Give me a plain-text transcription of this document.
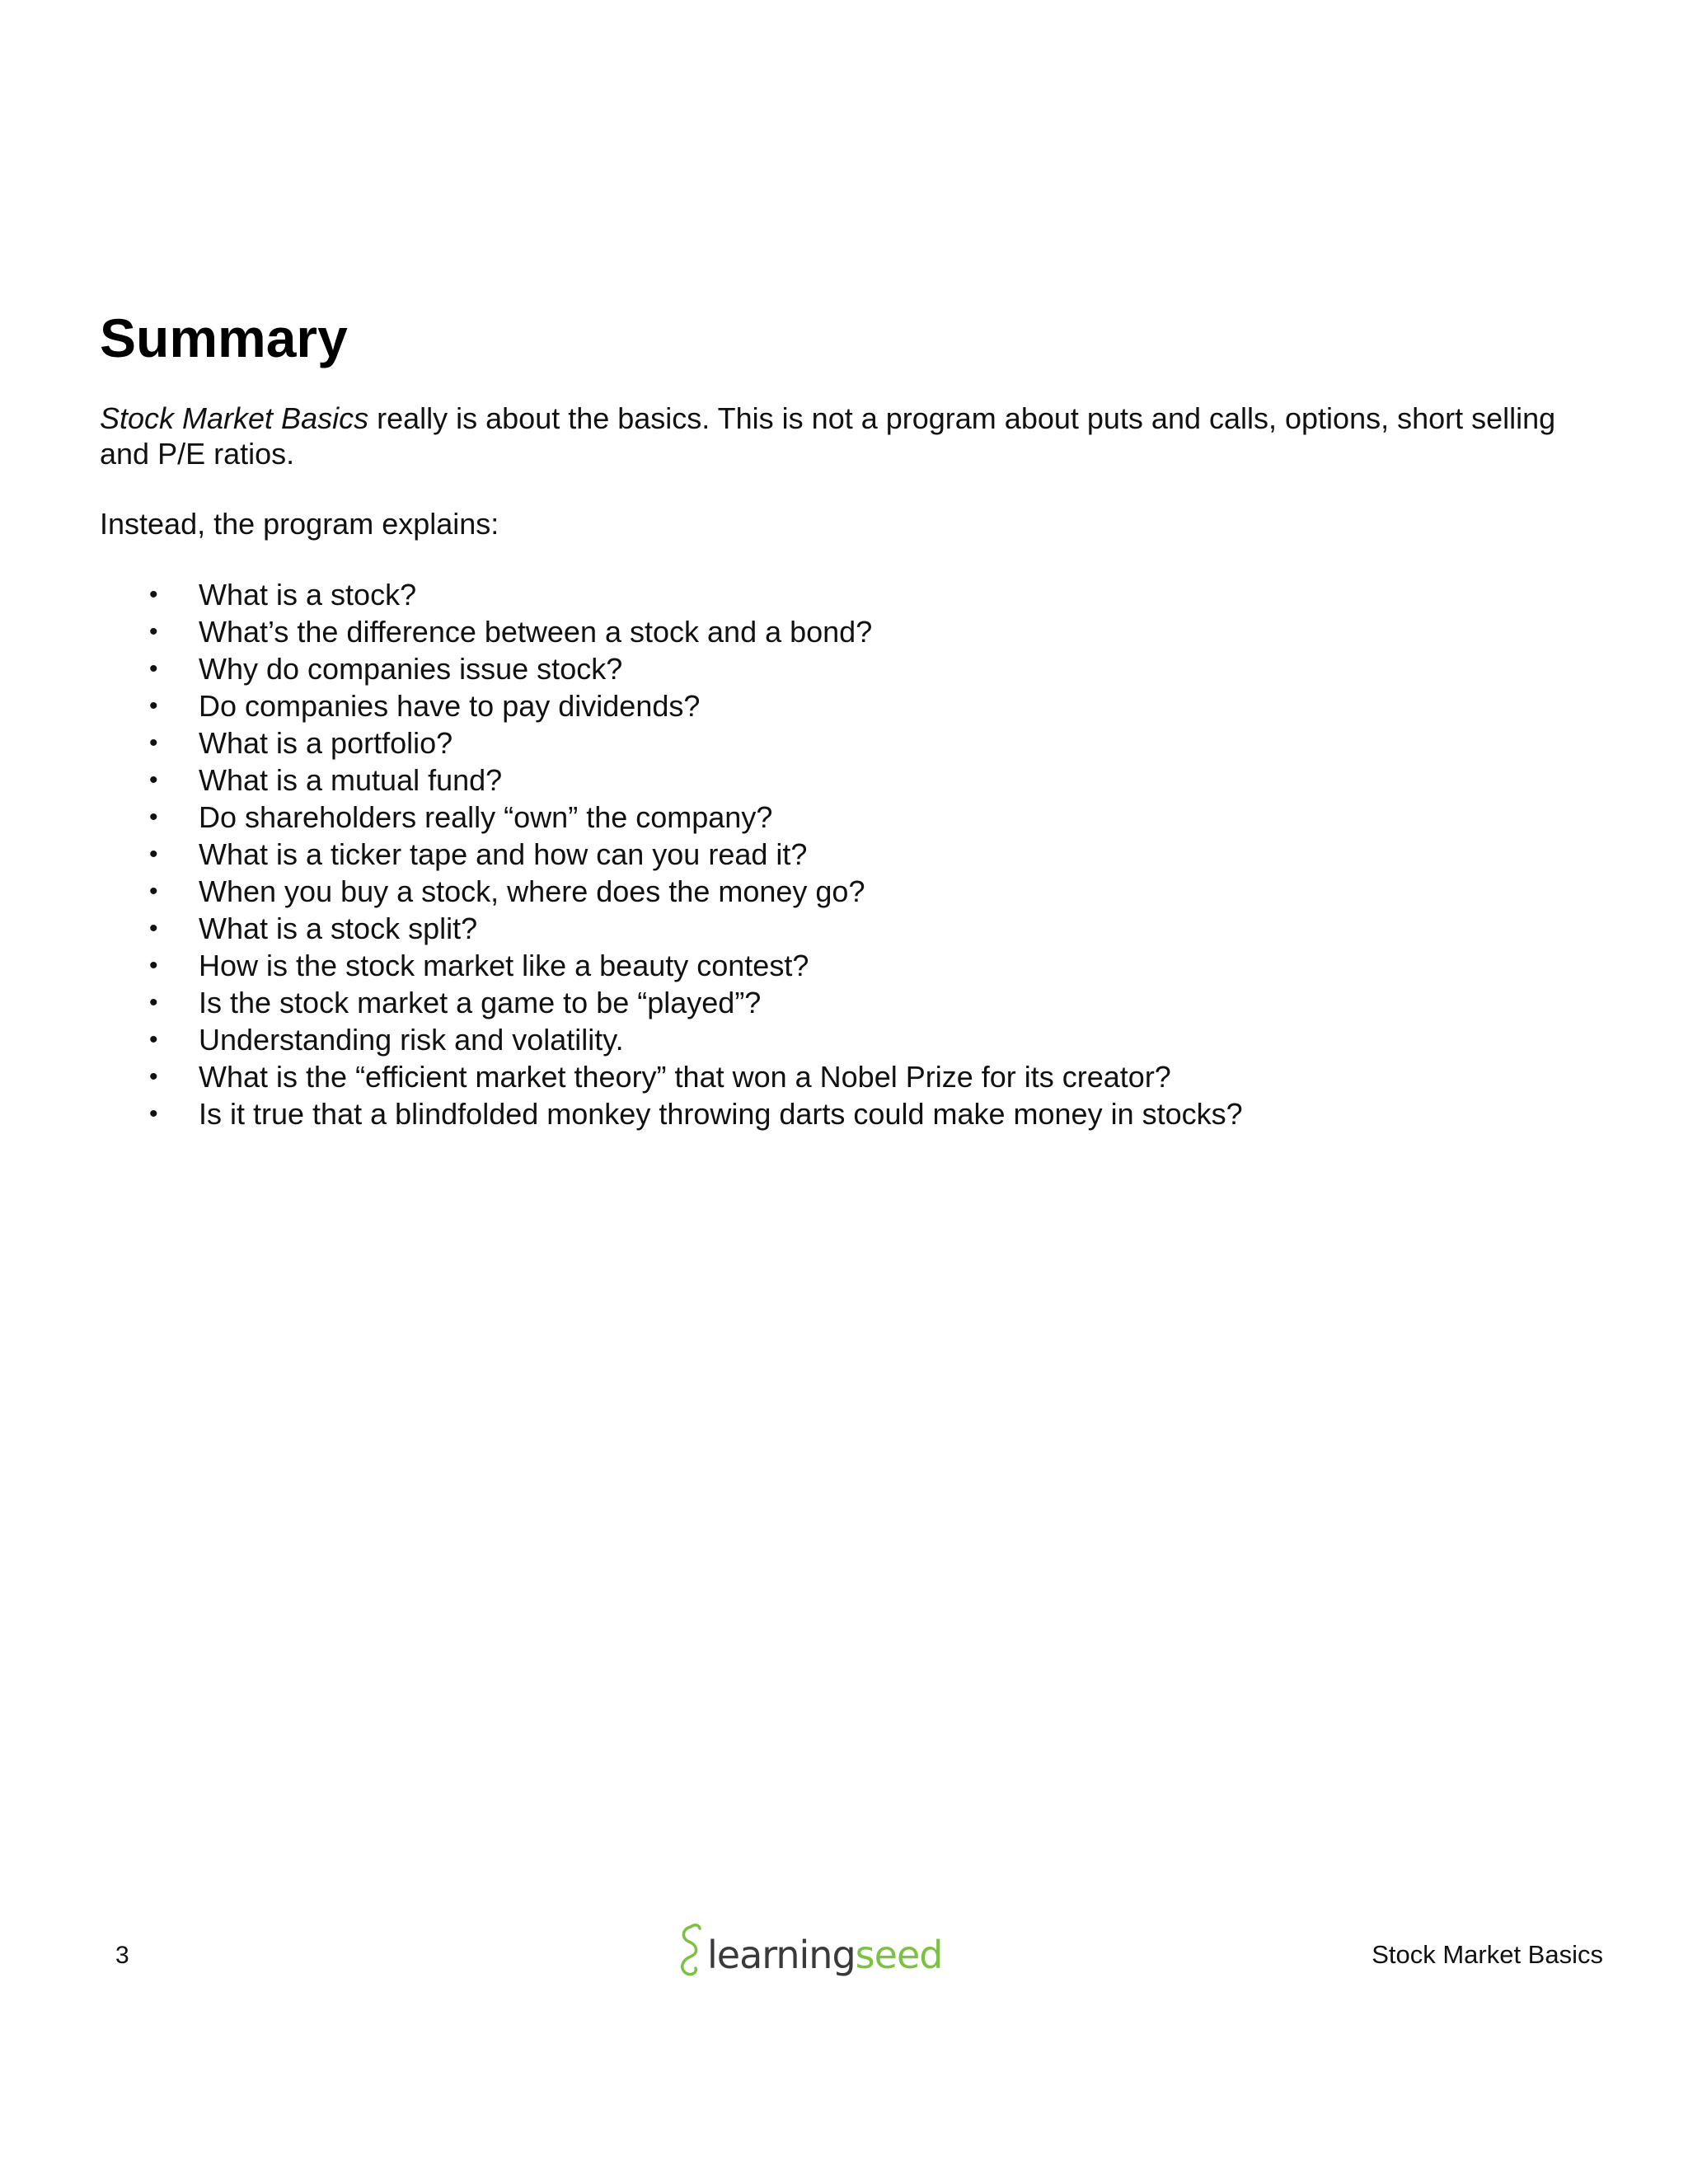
Summary

Stock Market Basics really is about the basics. This is not a program about puts and calls, options, short selling and P/E ratios.

Instead, the program explains:

• What is a stock?
• What’s the difference between a stock and a bond?
• Why do companies issue stock?
• Do companies have to pay dividends?
• What is a portfolio?
• What is a mutual fund?
• Do shareholders really “own” the company?
• What is a ticker tape and how can you read it?
• When you buy a stock, where does the money go?
• What is a stock split?
• How is the stock market like a beauty contest?
• Is the stock market a game to be “played”?
• Understanding risk and volatility.
• What is the “efficient market theory” that won a Nobel Prize for its creator?
• Is it true that a blindfolded monkey throwing darts could make money in stocks?
3	learningseed	Stock Market Basics
